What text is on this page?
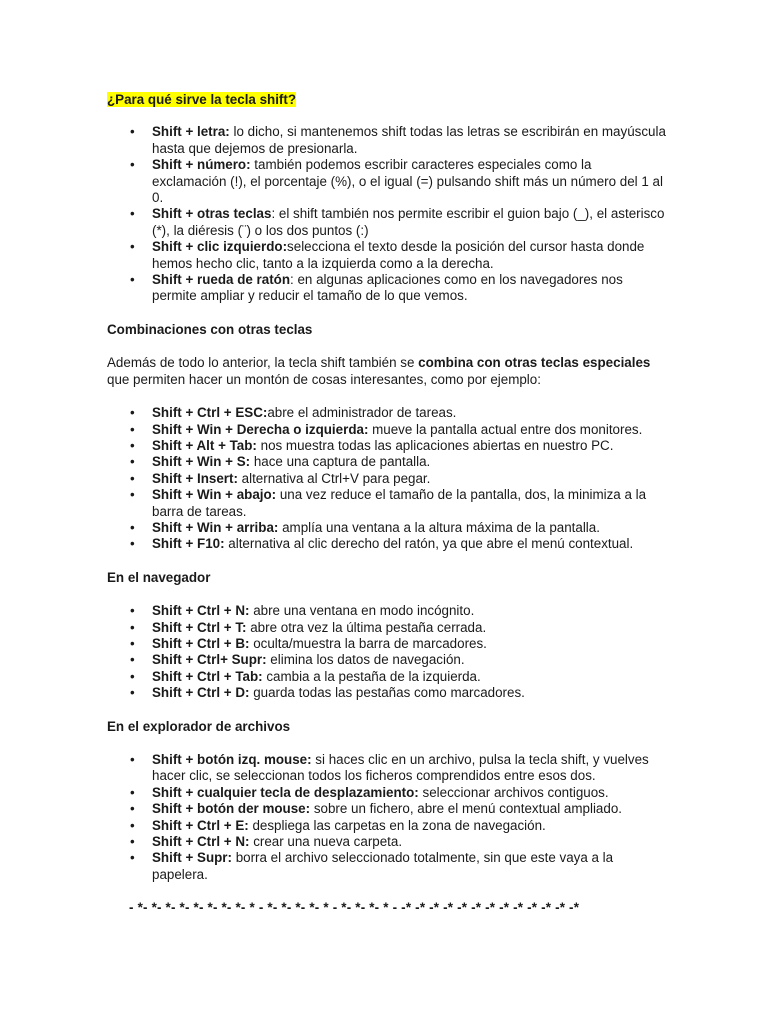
¿Para qué sirve la tecla shift?
• Shift + letra: lo dicho, si mantenemos shift todas las letras se escribirán en mayúscula hasta que dejemos de presionarla.
• Shift + número: también podemos escribir caracteres especiales como la exclamación (!), el porcentaje (%), o el igual (=) pulsando shift más un número del 1 al 0.
• Shift + otras teclas: el shift también nos permite escribir el guion bajo (_), el asterisco (*), la diéresis (¨) o los dos puntos (:)
• Shift + clic izquierdo:selecciona el texto desde la posición del cursor hasta donde hemos hecho clic, tanto a la izquierda como a la derecha.
• Shift + rueda de ratón: en algunas aplicaciones como en los navegadores nos permite ampliar y reducir el tamaño de lo que vemos.
Combinaciones con otras teclas

Además de todo lo anterior, la tecla shift también se combina con otras teclas especiales que permiten hacer un montón de cosas interesantes, como por ejemplo:

• Shift + Ctrl + ESC:abre el administrador de tareas.
• Shift + Win + Derecha o izquierda: mueve la pantalla actual entre dos monitores.
• Shift + Alt + Tab: nos muestra todas las aplicaciones abiertas en nuestro PC.
• Shift + Win + S: hace una captura de pantalla.
• Shift + Insert: alternativa al Ctrl+V para pegar.
• Shift + Win + abajo: una vez reduce el tamaño de la pantalla, dos, la minimiza a la barra de tareas.
• Shift + Win + arriba: amplía una ventana a la altura máxima de la pantalla.
• Shift + F10: alternativa al clic derecho del ratón, ya que abre el menú contextual.
En el navegador
• Shift + Ctrl + N: abre una ventana en modo incógnito.
• Shift + Ctrl + T: abre otra vez la última pestaña cerrada.
• Shift + Ctrl + B: oculta/muestra la barra de marcadores.
• Shift + Ctrl+ Supr: elimina los datos de navegación.
• Shift + Ctrl + Tab: cambia a la pestaña de la izquierda.
• Shift + Ctrl + D: guarda todas las pestañas como marcadores.
En el explorador de archivos
• Shift + botón izq. mouse: si haces clic en un archivo, pulsa la tecla shift, y vuelves hacer clic, se seleccionan todos los ficheros comprendidos entre esos dos.
• Shift + cualquier tecla de desplazamiento: seleccionar archivos contiguos.
• Shift + botón der mouse: sobre un fichero, abre el menú contextual ampliado.
• Shift + Ctrl + E: despliega las carpetas en la zona de navegación.
• Shift + Ctrl + N: crear una nueva carpeta.
• Shift + Supr: borra el archivo seleccionado totalmente, sin que este vaya a la papelera.
- *- *- *- *- *- *- *- *- * - *- *- *- *- * - *- *- *- * - -* -* -* -* -* -* -* -* -* -* -* -* -*
